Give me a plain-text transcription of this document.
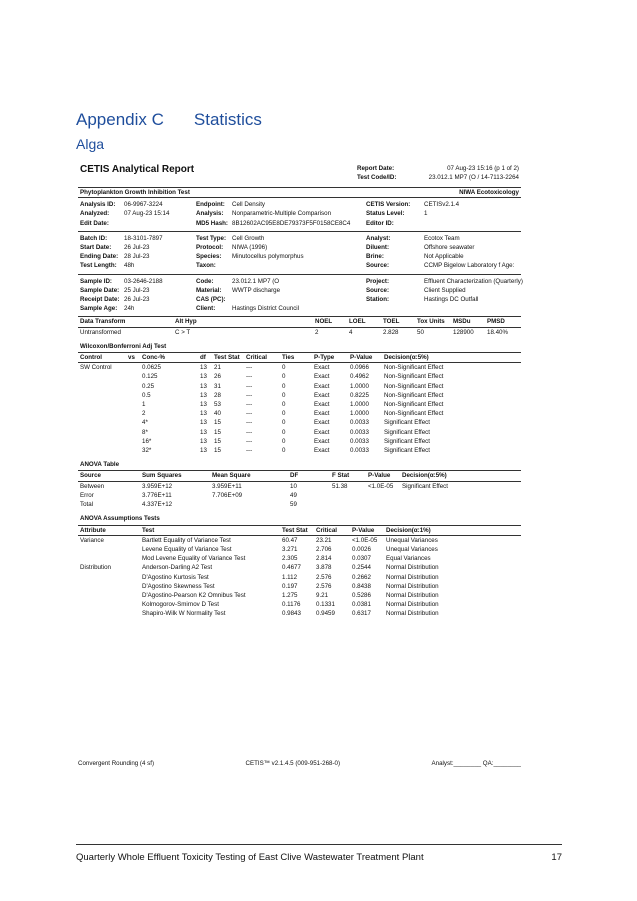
Appendix C Statistics
Alga
CETIS Analytical Report	Report Date:	07 Aug-23 15:16 (p 1 of 2)
Test Code/ID:	23.012.1 MP7 (O / 14-7113-2264
Phytoplankton Growth Inhibition Test	NIWA Ecotoxicology
Analysis ID:	06-9967-3224	Endpoint:	Cell Density	CETIS Version:	CETISv2.1.4
Analyzed:	07 Aug-23 15:14	Analysis:	Nonparametric-Multiple Comparison	Status Level:	1
Edit Date:	MD5 Hash: 8B12602AC95E8DE79373F5F0158CE8C4	Editor ID:
Batch ID:	18-3101-7897	Test Type: Cell Growth	Analyst:	Ecotox Team
Start Date:	26 Jul-23	Protocol:	NIWA (1996)	Diluent:	Offshore seawater
Ending Date: 28 Jul-23	Species:	Minutocellus polymorphus	Brine:	Not Applicable
Test Length:	48h	Taxon:	Source:	CCMP Bigelow Laboratory f Age:
Sample ID:	03-2646-2188	Code:	23.012.1 MP7 (O	Project:	Effluent Characterization (Quarterly)
Sample Date: 25 Jul-23	Material:	WWTP discharge	Source:	Client Supplied
Receipt Date: 26 Jul-23	CAS (PC):	Station:	Hastings DC Outfall
Sample Age:	24h	Client:	Hastings District Council
Data Transform	Alt Hyp	NOEL	LOEL	TOEL	Tox Units	MSDu	PMSD
Untransformed	C > T	2	4	2.828	50	128900	18.40%
Wilcoxon/Bonferroni Adj Test
Control	vs	Conc-%	df	Test Stat	Critical	Ties	P-Type	P-Value	Decision(α:5%)
SW Control		0.0625	13	21	---	0	Exact	0.0966	Non-Significant Effect
		0.125	13	26	---	0	Exact	0.4962	Non-Significant Effect
		0.25	13	31	---	0	Exact	1.0000	Non-Significant Effect
		0.5	13	28	---	0	Exact	0.8225	Non-Significant Effect
		1	13	53	---	0	Exact	1.0000	Non-Significant Effect
		2	13	40	---	0	Exact	1.0000	Non-Significant Effect
		4*	13	15	---	0	Exact	0.0033	Significant Effect
		8*	13	15	---	0	Exact	0.0033	Significant Effect
		16*	13	15	---	0	Exact	0.0033	Significant Effect
		32*	13	15	---	0	Exact	0.0033	Significant Effect
ANOVA Table
Source	Sum Squares	Mean Square	DF	F Stat	P-Value	Decision(α:5%)
Between	3.959E+12	3.959E+11	10	51.38	<1.0E-05	Significant Effect
Error	3.776E+11	7.706E+09	49			
Total	4.337E+12		59			
ANOVA Assumptions Tests
Attribute	Test	Test Stat	Critical	P-Value	Decision(α:1%)
Variance	Bartlett Equality of Variance Test	60.47	23.21	<1.0E-05	Unequal Variances
	Levene Equality of Variance Test	3.271	2.706	0.0026	Unequal Variances
	Mod Levene Equality of Variance Test	2.305	2.814	0.0307	Equal Variances
Distribution	Anderson-Darling A2 Test	0.4677	3.878	0.2544	Normal Distribution
	D'Agostino Kurtosis Test	1.112	2.576	0.2662	Normal Distribution
	D'Agostino Skewness Test	0.197	2.576	0.8438	Normal Distribution
	D'Agostino-Pearson K2 Omnibus Test	1.275	9.21	0.5286	Normal Distribution
	Kolmogorov-Smirnov D Test	0.1176	0.1331	0.0381	Normal Distribution
	Shapiro-Wilk W Normality Test	0.9843	0.9459	0.6317	Normal Distribution
Convergent Rounding (4 sf)	CETIS™ v2.1.4.5 (009-951-268-0)	Analyst:________ QA:________
Quarterly Whole Effluent Toxicity Testing of East Clive Wastewater Treatment Plant	17
